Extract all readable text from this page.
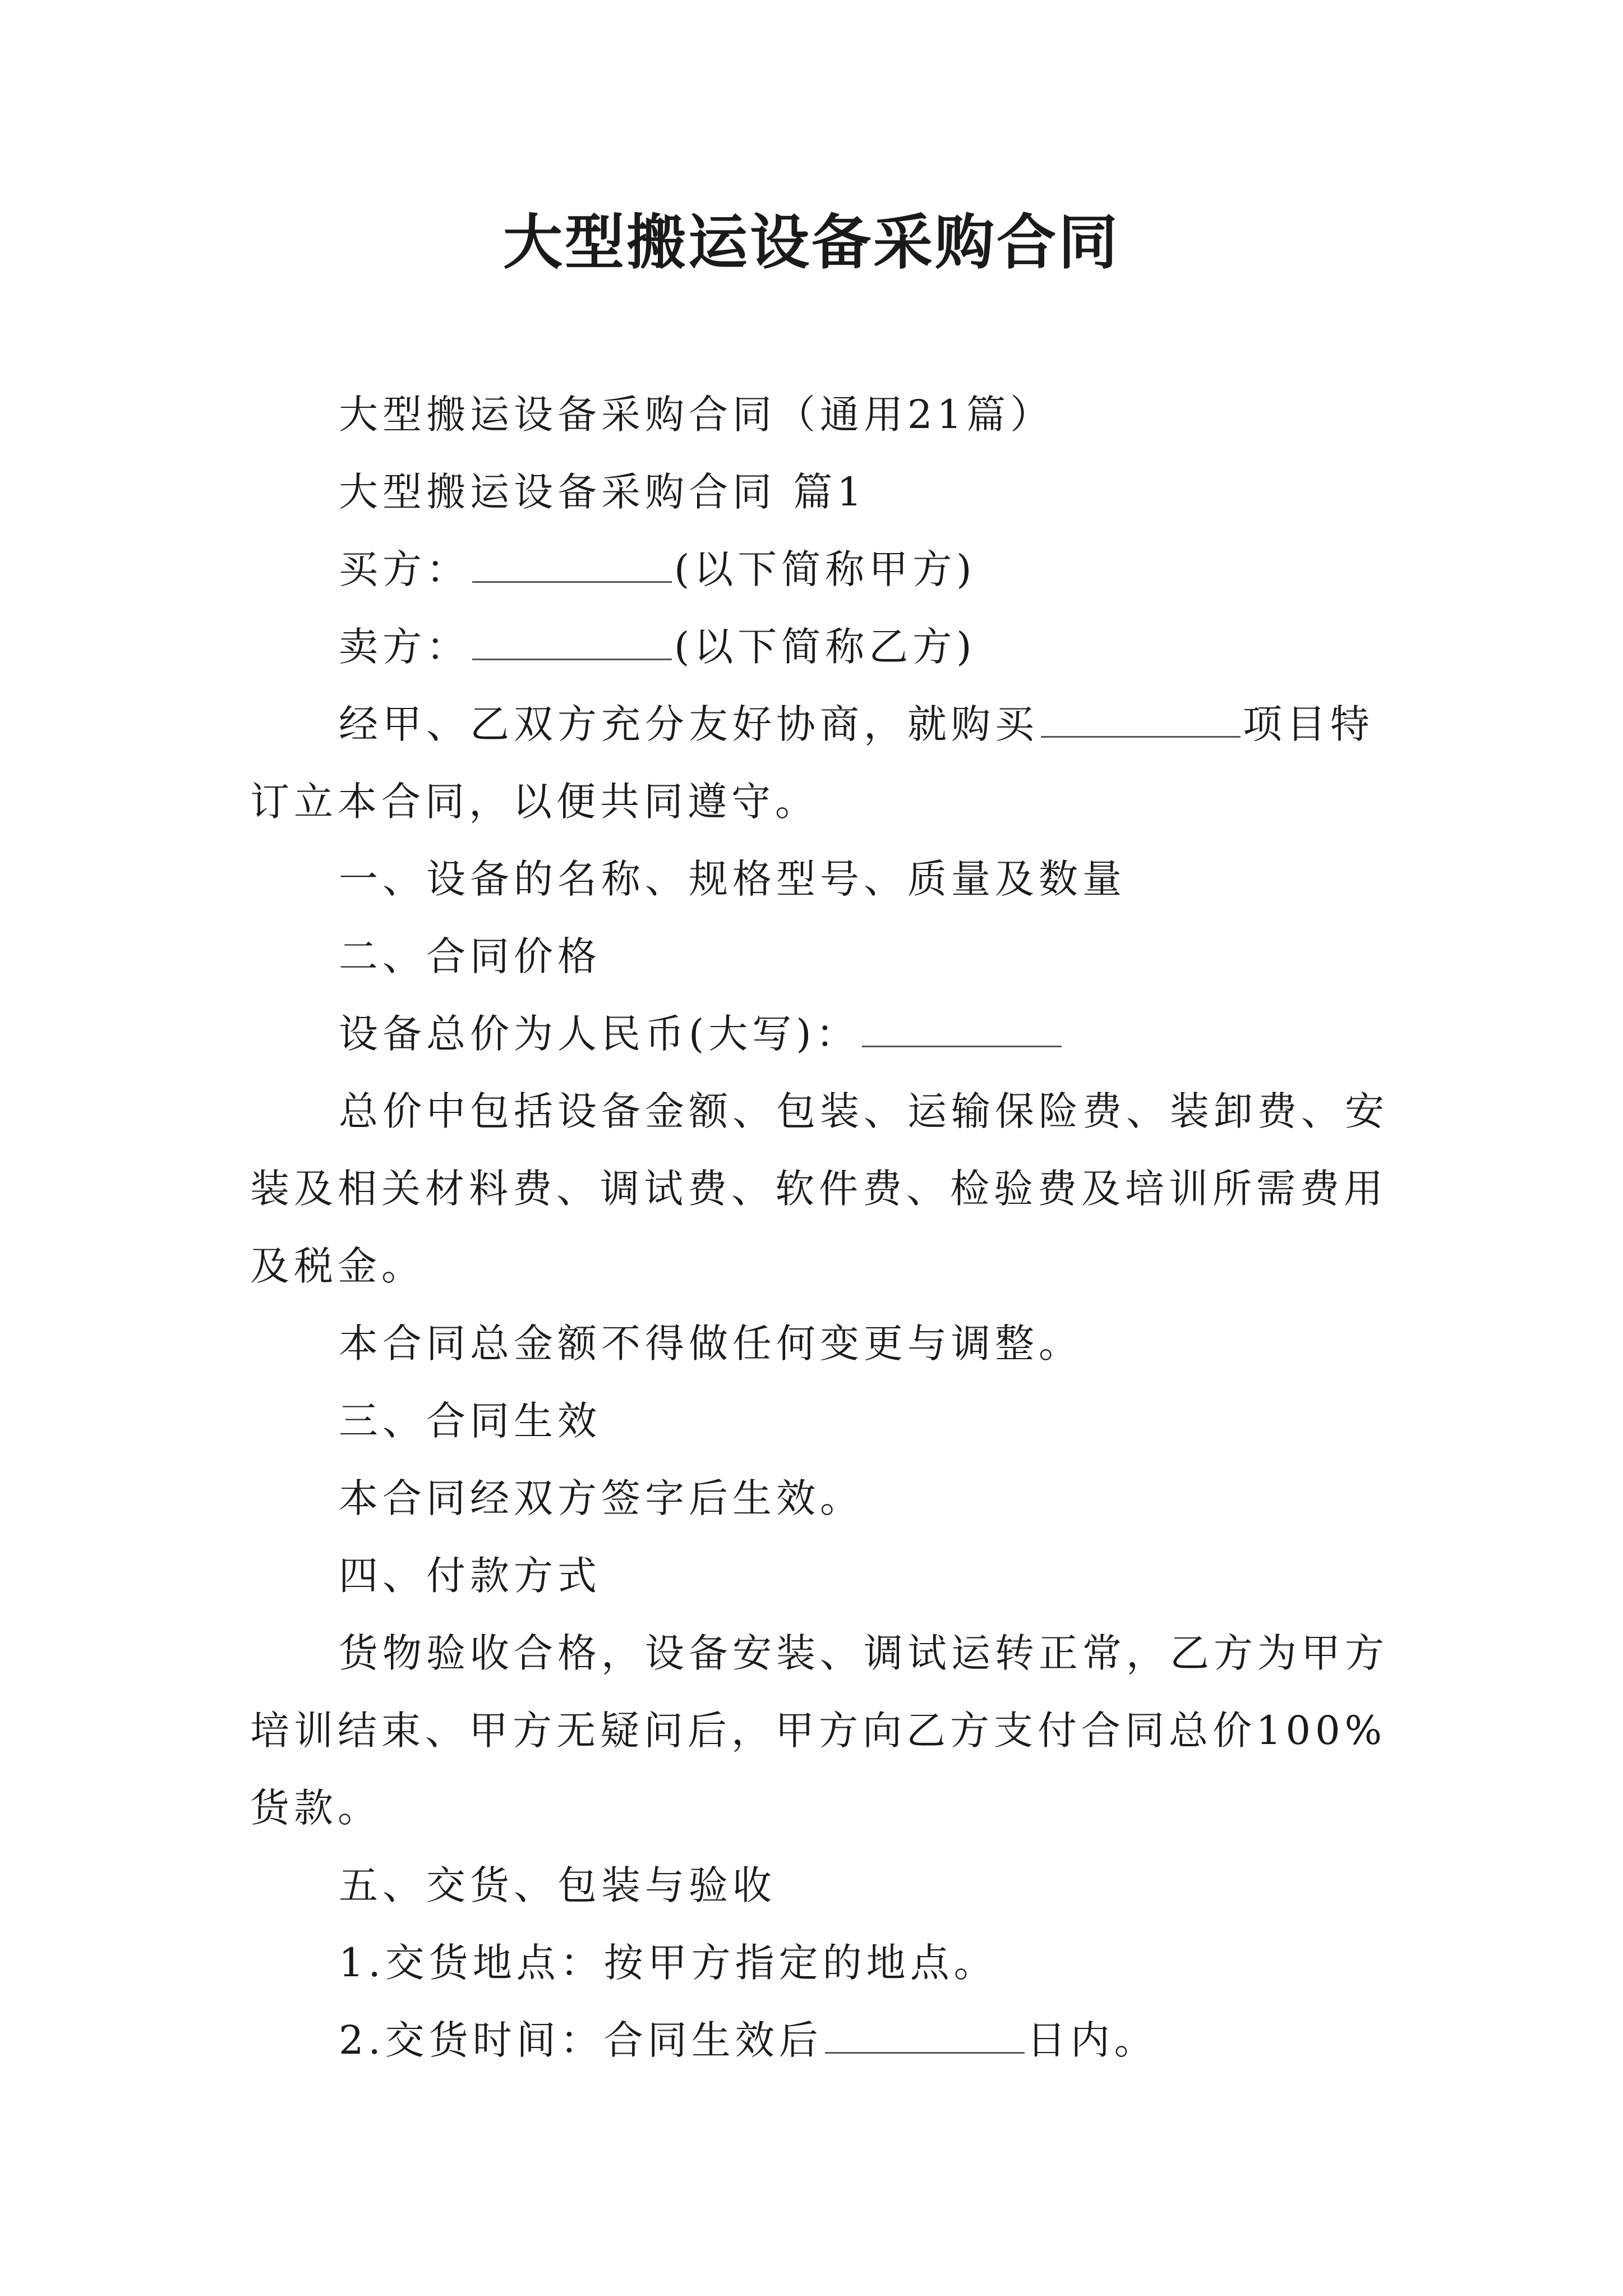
大型搬运设备采购合同

大型搬运设备采购合同（通用21篇）

大型搬运设备采购合同 篇1

买方：	(以下简称甲方)

卖方：	(以下简称乙方)

经甲、乙双方充分友好协商，就购买	项目特订立本合同，以便共同遵守。

一、设备的名称、规格型号、质量及数量

二、合同价格

设备总价为人民币(大写)：

总价中包括设备金额、包装、运输保险费、装卸费、安装及相关材料费、调试费、软件费、检验费及培训所需费用及税金。

本合同总金额不得做任何变更与调整。

三、合同生效

本合同经双方签字后生效。

四、付款方式

货物验收合格，设备安装、调试运转正常，乙方为甲方培训结束、甲方无疑问后，甲方向乙方支付合同总价100%货款。

五、交货、包装与验收

1.交货地点：按甲方指定的地点。

2.交货时间：合同生效后	日内。
